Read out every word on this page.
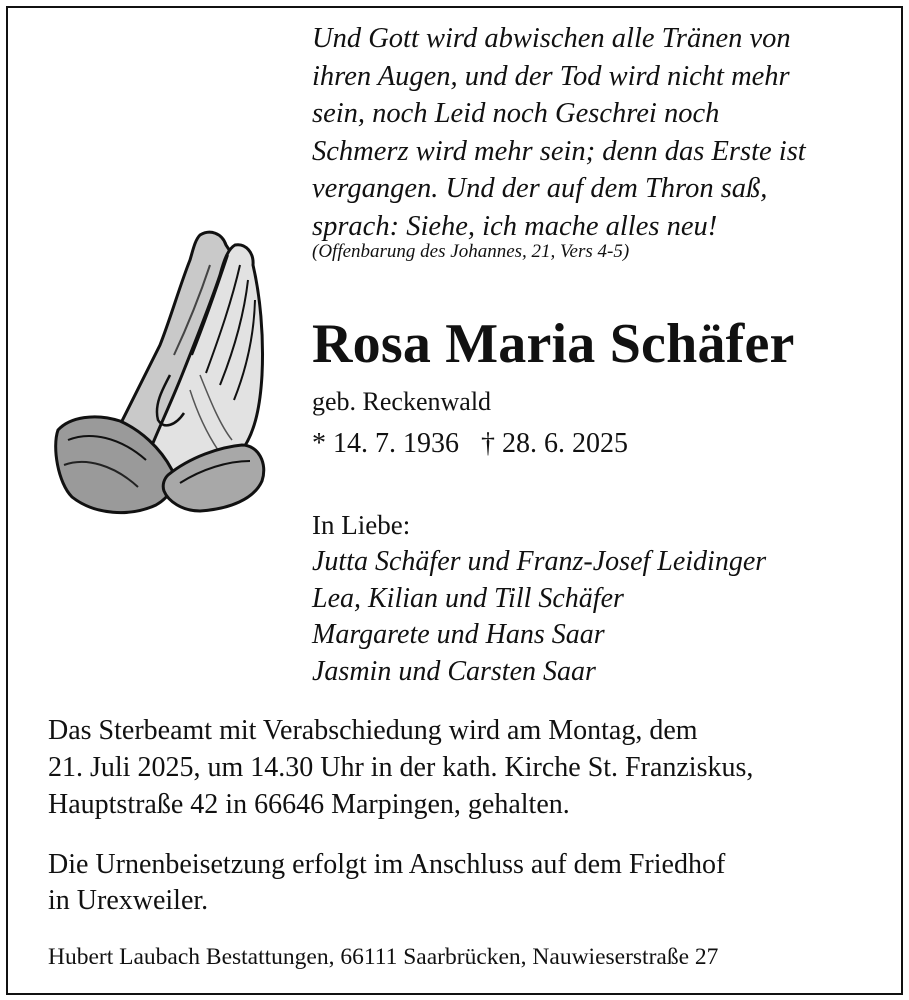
Und Gott wird abwischen alle Tränen von
ihren Augen, und der Tod wird nicht mehr
sein, noch Leid noch Geschrei noch
Schmerz wird mehr sein; denn das Erste ist
vergangen. Und der auf dem Thron saß,
sprach: Siehe, ich mache alles neu!
(Offenbarung des Johannes, 21, Vers 4-5)
Rosa Maria Schäfer
geb. Reckenwald
* 14. 7. 1936 † 28. 6. 2025
In Liebe:
Jutta Schäfer und Franz-Josef Leidinger
Lea, Kilian und Till Schäfer
Margarete und Hans Saar
Jasmin und Carsten Saar
Das Sterbeamt mit Verabschiedung wird am Montag, dem
21. Juli 2025, um 14.30 Uhr in der kath. Kirche St. Franziskus,
Hauptstraße 42 in 66646 Marpingen, gehalten.
Die Urnenbeisetzung erfolgt im Anschluss auf dem Friedhof
in Urexweiler.
Hubert Laubach Bestattungen, 66111 Saarbrücken, Nauwieserstraße 27
